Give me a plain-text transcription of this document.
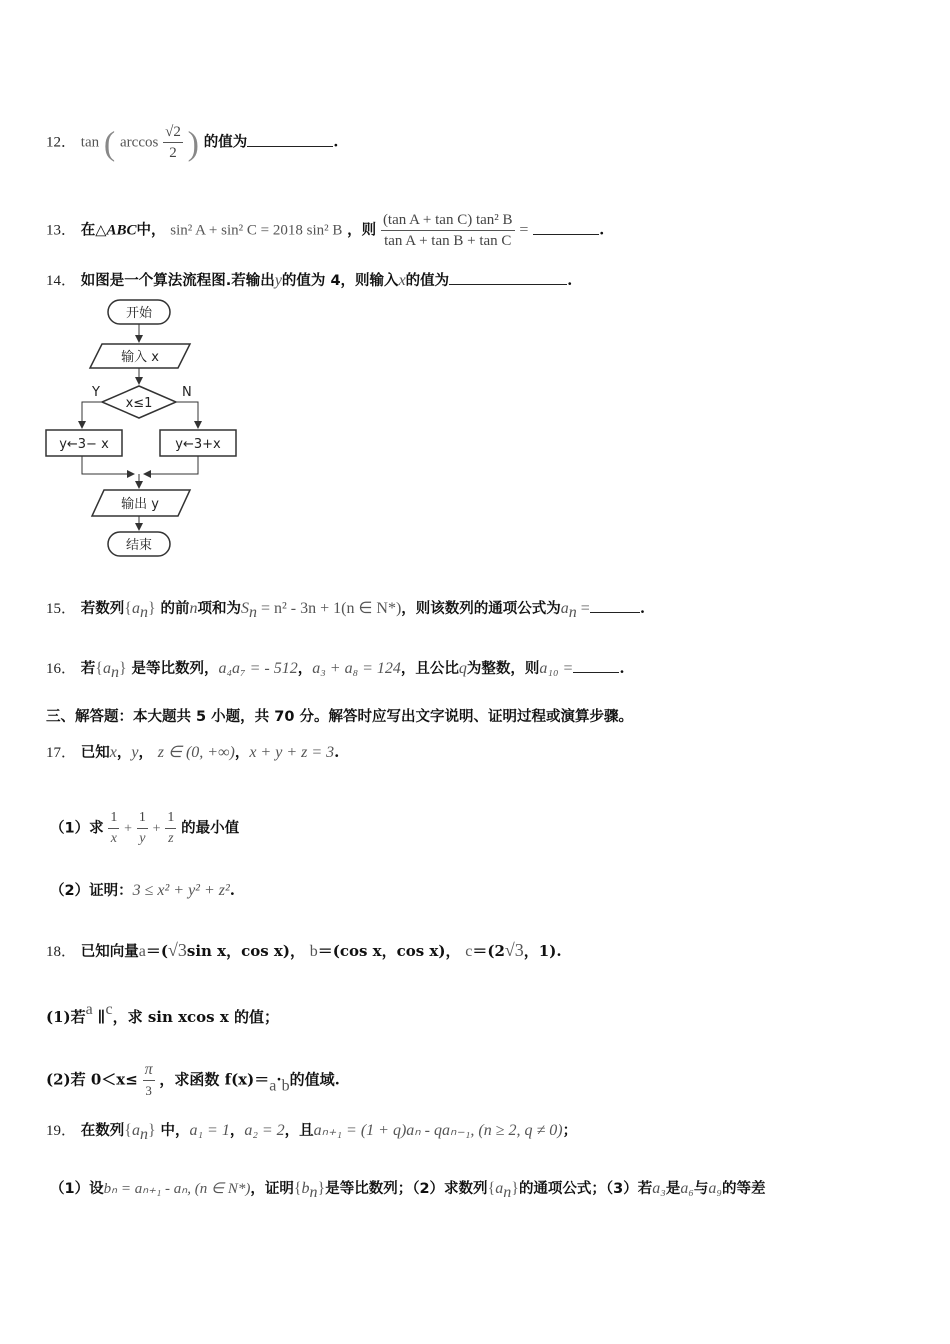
12． tan ( $\arccos \frac{√2}{2}$ ) 的值为	.
13． 在△ABC中， sin² A + sin² C = 2018 sin² B ，则 $\frac{\text{(tan A + tan C) tan² B}}{\text{tan A + tan B + tan C}}$ =	.
14． 如图是一个算法流程图.若输出y的值为 4，则输入x的值为	.
开始
输入 x
x≤1
Y	N
y←3− x	y←3+x
输出 y
结束
15． 若数列$\{a_n\}$ 的前n项和为$S_n = n^2 - 3n + 1(n$ ∈ N*)，则该数列的通项公式为$a_n$ =	.
16． 若$\{a_n\}$ 是等比数列，a₄a₇ = - 512，a₃ + a₈ = 124，且公比q为整数，则a₁₀ =	.
三、解答题：本大题共 5 小题，共 70 分。解答时应写出文字说明、证明过程或演算步骤。
17． 已知x，y， z ∈ (0, +∞)，x + y + z = 3.
（1）求 $\frac{1}{x} + \frac{1}{y} + \frac{1}{z}$ 的最小值
（2）证明：3 ≤ x² + y² + z².
18． 已知向量a＝(√3sin x，cos x)， b＝(cos x，cos x)， c＝(2√3，1).
(1)若a ∥c，求 sin xcos x 的值；
(2)若 $0<x\le \frac{\pi}{3}$ ，求函数 f(x)＝a·b的值域.
19． 在数列$\{a_n\}$ 中，a₁ = 1，a₂ = 2，且aₙ₊₁ = (1 + q)aₙ - qaₙ₋₁, (n ≥ 2, q ≠ 0)；
（1）设bₙ = aₙ₊₁ - aₙ, (n ∈ N*)，证明$\{b_n\}$是等比数列；（2）求数列$\{a_n\}$的通项公式；（3）若a₃是a₆与a₉的等差
